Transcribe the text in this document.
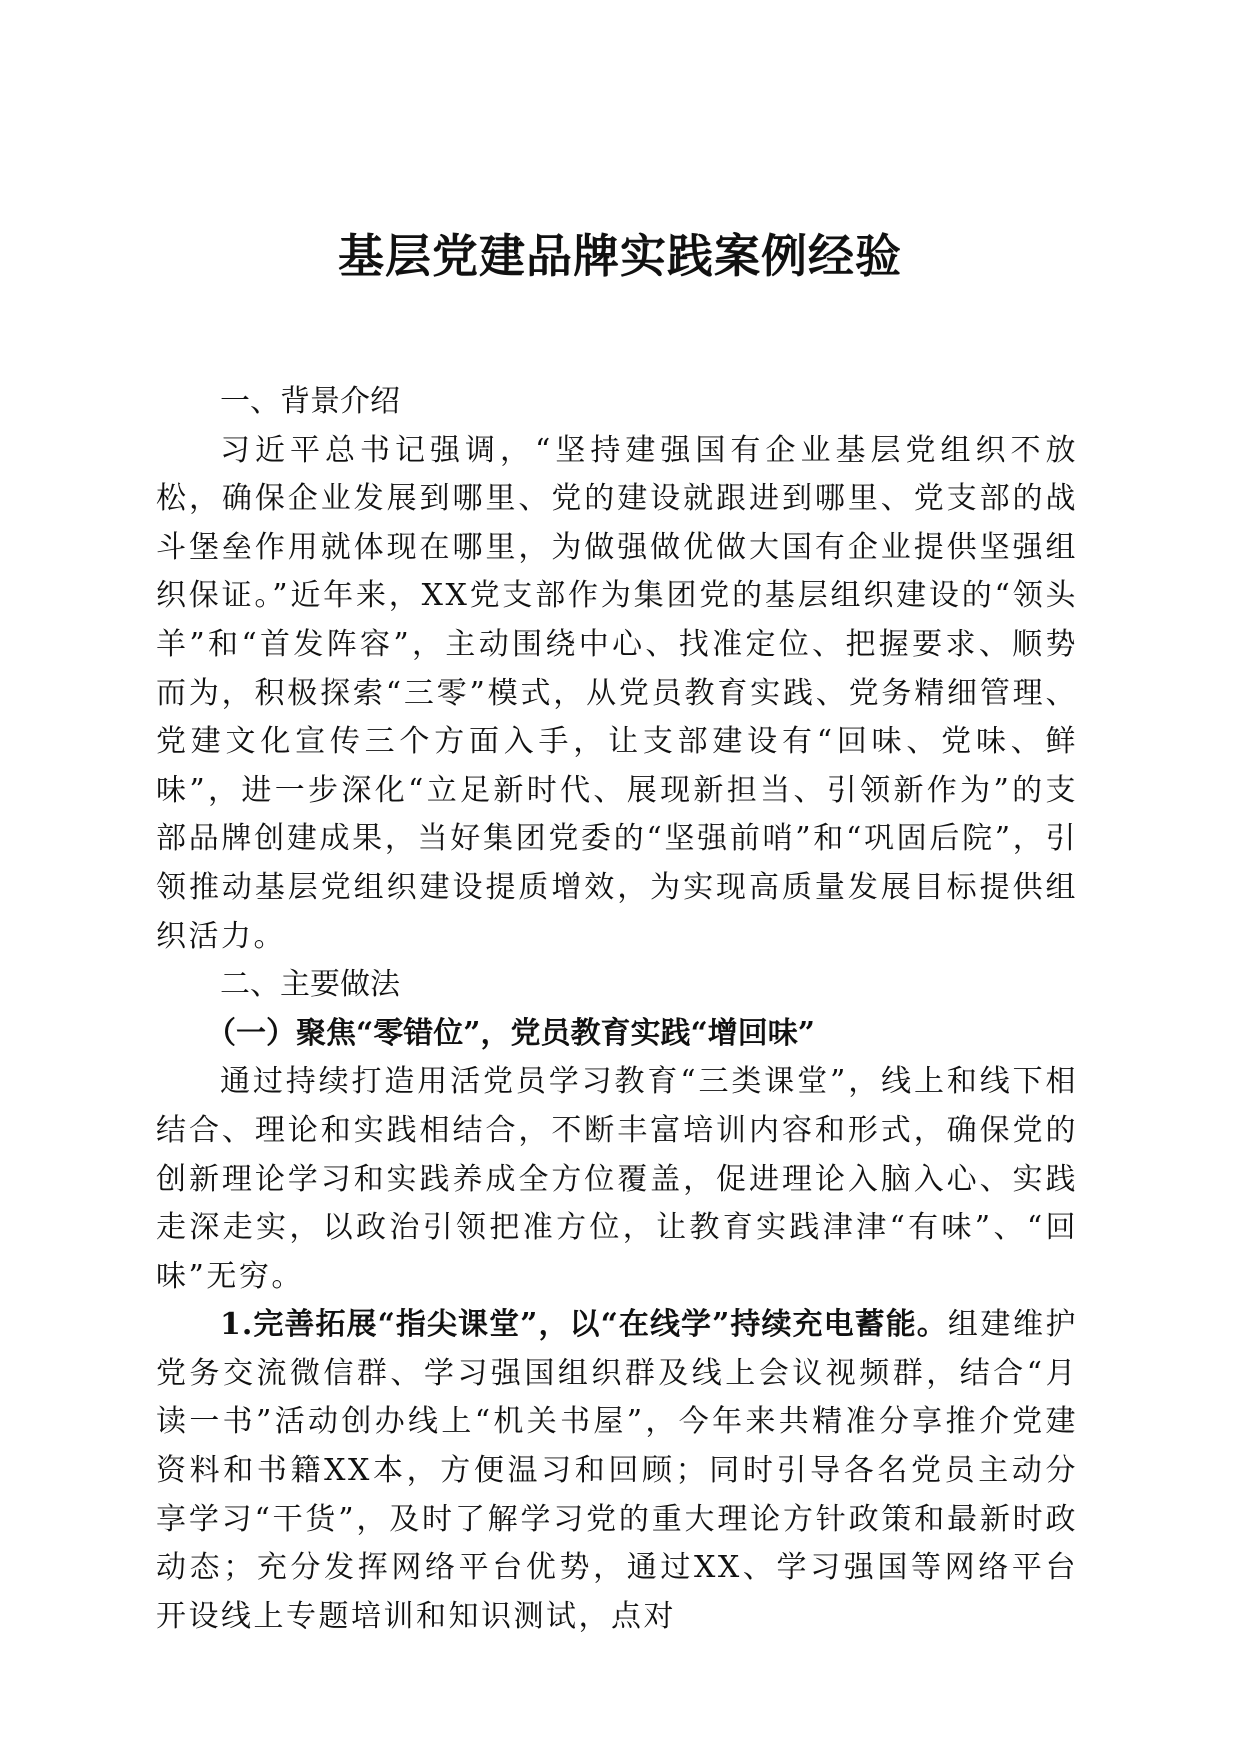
基层党建品牌实践案例经验
一、背景介绍

习近平总书记强调，“坚持建强国有企业基层党组织不放松，确保企业发展到哪里、党的建设就跟进到哪里、党支部的战斗堡垒作用就体现在哪里，为做强做优做大国有企业提供坚强组织保证。”近年来，XX党支部作为集团党的基层组织建设的“领头羊”和“首发阵容”，主动围绕中心、找准定位、把握要求、顺势而为，积极探索“三零”模式，从党员教育实践、党务精细管理、党建文化宣传三个方面入手，让支部建设有“回味、党味、鲜味”，进一步深化“立足新时代、展现新担当、引领新作为”的支部品牌创建成果，当好集团党委的“坚强前哨”和“巩固后院”，引领推动基层党组织建设提质增效，为实现高质量发展目标提供组织活力。

二、主要做法
（一）聚焦“零错位”，党员教育实践“增回味”

通过持续打造用活党员学习教育“三类课堂”，线上和线下相结合、理论和实践相结合，不断丰富培训内容和形式，确保党的创新理论学习和实践养成全方位覆盖，促进理论入脑入心、实践走深走实，以政治引领把准方位，让教育实践津津“有味”、“回味”无穷。

1.完善拓展“指尖课堂”，以“在线学”持续充电蓄能。组建维护党务交流微信群、学习强国组织群及线上会议视频群，结合“月读一书”活动创办线上“机关书屋”，今年来共精准分享推介党建资料和书籍XX本，方便温习和回顾；同时引导各名党员主动分享学习“干货”，及时了解学习党的重大理论方针政策和最新时政动态；充分发挥网络平台优势，通过XX、学习强国等网络平台开设线上专题培训和知识测试，点对
